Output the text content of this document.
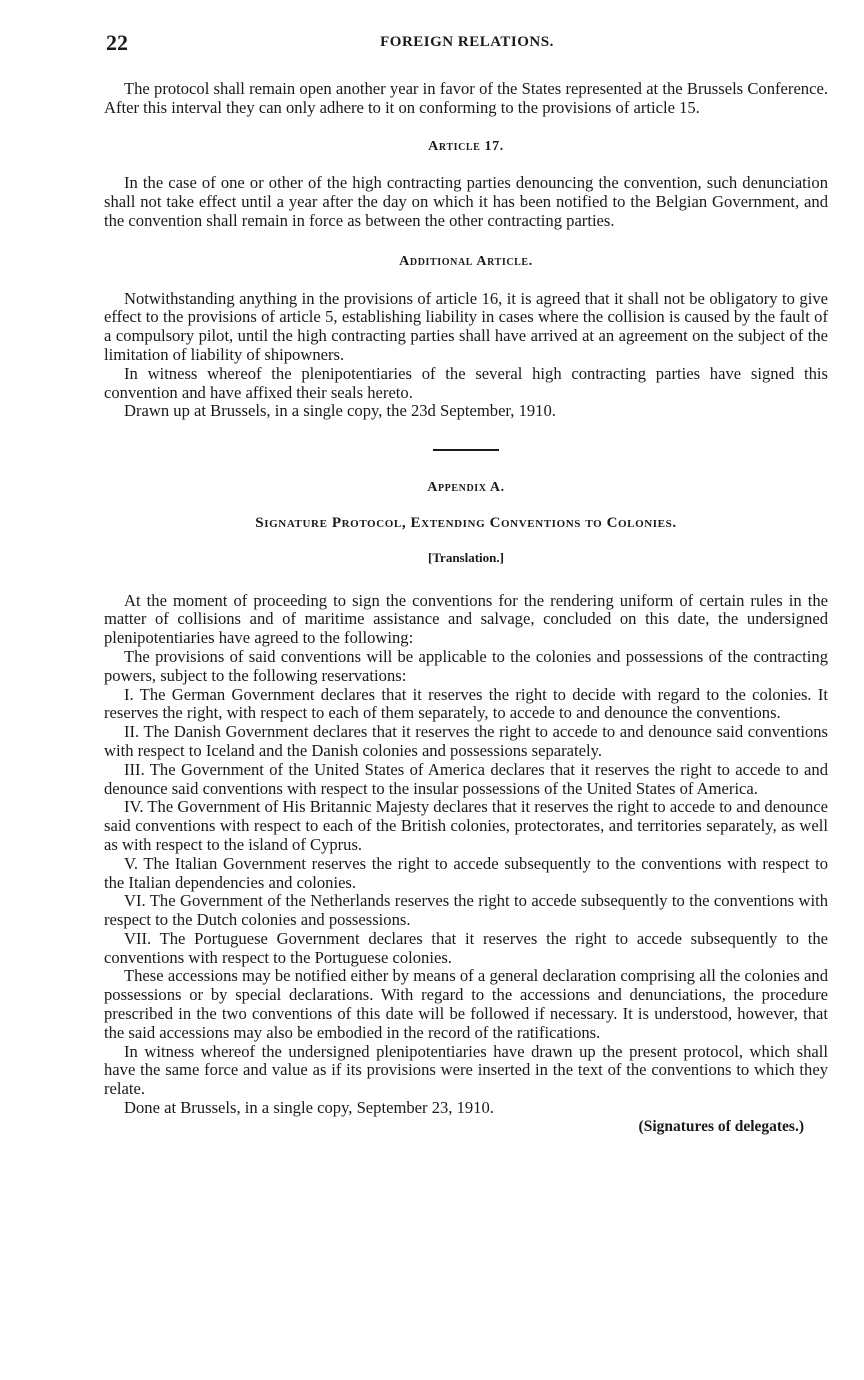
22	FOREIGN RELATIONS.

The protocol shall remain open another year in favor of the States represented at the Brussels Conference. After this interval they can only adhere to it on conforming to the provisions of article 15.

Article 17.

In the case of one or other of the high contracting parties denouncing the convention, such denunciation shall not take effect until a year after the day on which it has been notified to the Belgian Government, and the convention shall remain in force as between the other contracting parties.

Additional Article.

Notwithstanding anything in the provisions of article 16, it is agreed that it shall not be obligatory to give effect to the provisions of article 5, establishing liability in cases where the collision is caused by the fault of a compulsory pilot, until the high contracting parties shall have arrived at an agreement on the subject of the limitation of liability of shipowners.

In witness whereof the plenipotentiaries of the several high contracting parties have signed this convention and have affixed their seals hereto.

Drawn up at Brussels, in a single copy, the 23d September, 1910.

Appendix A.

Signature Protocol, Extending Conventions to Colonies.

[Translation.]

At the moment of proceeding to sign the conventions for the rendering uniform of certain rules in the matter of collisions and of maritime assistance and salvage, concluded on this date, the undersigned plenipotentiaries have agreed to the following:

The provisions of said conventions will be applicable to the colonies and possessions of the contracting powers, subject to the following reservations:

I. The German Government declares that it reserves the right to decide with regard to the colonies. It reserves the right, with respect to each of them separately, to accede to and denounce the conventions.

II. The Danish Government declares that it reserves the right to accede to and denounce said conventions with respect to Iceland and the Danish colonies and possessions separately.

III. The Government of the United States of America declares that it reserves the right to accede to and denounce said conventions with respect to the insular possessions of the United States of America.

IV. The Government of His Britannic Majesty declares that it reserves the right to accede to and denounce said conventions with respect to each of the British colonies, protectorates, and territories separately, as well as with respect to the island of Cyprus.

V. The Italian Government reserves the right to accede subsequently to the conventions with respect to the Italian dependencies and colonies.

VI. The Government of the Netherlands reserves the right to accede subsequently to the conventions with respect to the Dutch colonies and possessions.

VII. The Portuguese Government declares that it reserves the right to accede subsequently to the conventions with respect to the Portuguese colonies.

These accessions may be notified either by means of a general declaration comprising all the colonies and possessions or by special declarations. With regard to the accessions and denunciations, the procedure prescribed in the two conventions of this date will be followed if necessary. It is understood, however, that the said accessions may also be embodied in the record of the ratifications.

In witness whereof the undersigned plenipotentiaries have drawn up the present protocol, which shall have the same force and value as if its provisions were inserted in the text of the conventions to which they relate.

Done at Brussels, in a single copy, September 23, 1910.

(Signatures of delegates.)
